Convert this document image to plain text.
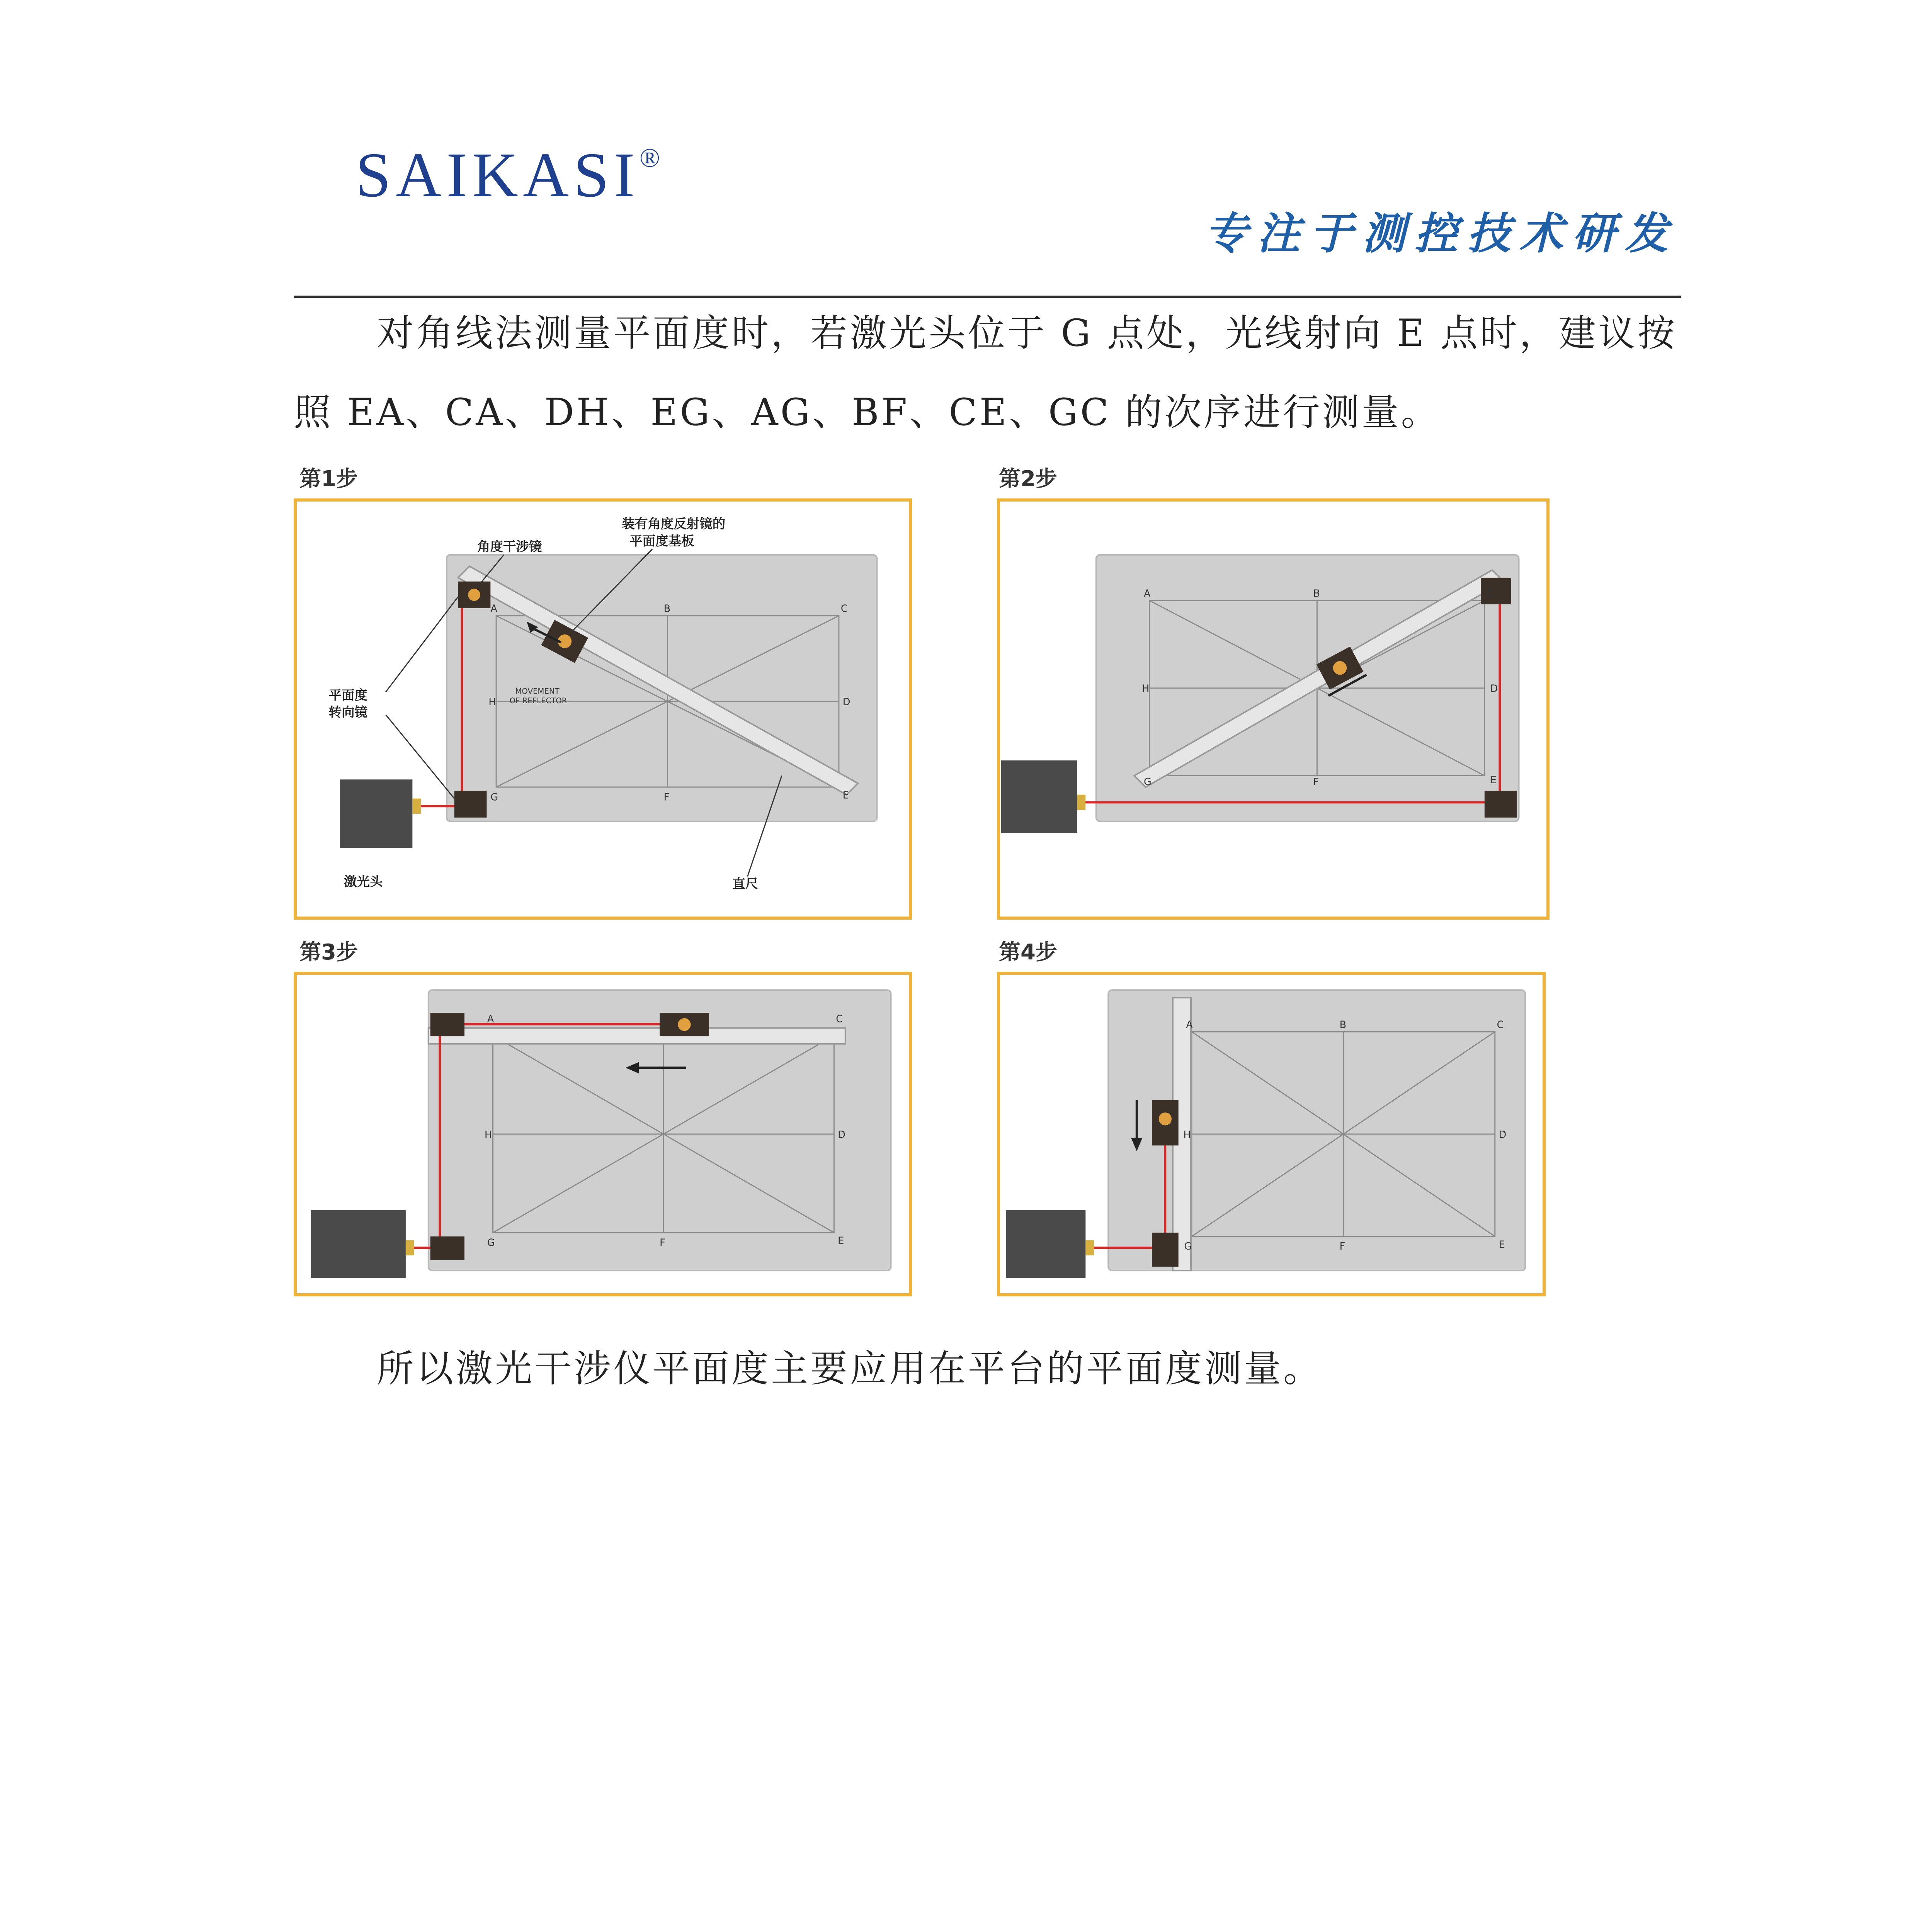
SAIKASI®
专注于测控技术研发
对角线法测量平面度时，若激光头位于 G 点处，光线射向 E 点时，建议按照 EA、CA、DH、EG、AG、BF、CE、GC 的次序进行测量。
第1步	第2步
第3步	第4步
A	B	C
D
E
F
G
H
角度干涉镜
装有角度反射镜的
平面度基板
平面度
转向镜
激光头	直尺
MOVEMENT
OF REFLECTOR
A	B	C
D
E
F
G
H
A	B	C
D
E
F
G
H
A	B	C
D
E
F
G
H
所以激光干涉仪平面度主要应用在平台的平面度测量。
